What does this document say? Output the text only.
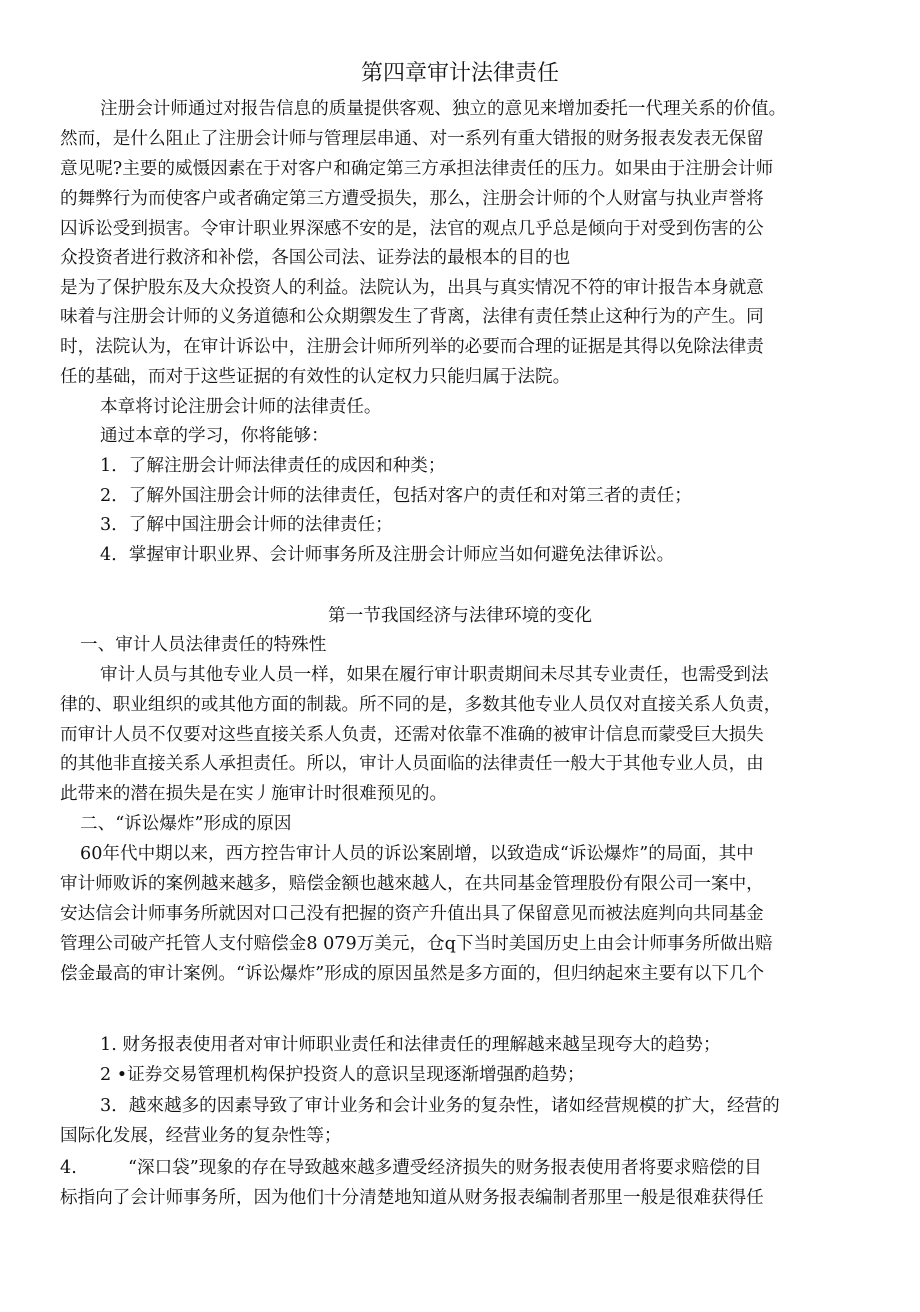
第四章审计法律责任
注册会计师通过对报告信息的质量提供客观、独立的意见来增加委托一代理关系的价值。
然而，是什么阻止了注册会计师与管理层串通、对一系列有重大错报的财务报表发表无保留
意见呢?主要的威慑因素在于对客户和确定第三方承担法律责任的压力。如果由于注册会计师
的舞弊行为而使客户或者确定第三方遭受损失，那么，注册会计师的个人财富与执业声誉将
囚诉讼受到损害。令审计职业界深感不安的是，法官的观点几乎总是倾向于对受到伤害的公
众投资者进行救济和补偿，各国公司法、证券法的最根本的目的也
是为了保护股东及大众投资人的利益。法院认为，出具与真实情况不符的审计报告本身就意
味着与注册会计师的义务道德和公众期禦发生了背离，法律有责任禁止这种行为的产生。同
时，法院认为，在审计诉讼中，注册会计师所列举的必要而合理的证据是其得以免除法律责
任的基础，而对于这些证据的有效性的认定权力只能归属于法院。
本章将讨论注册会计师的法律责任。
通过本章的学习，你将能够：
1．了解注册会计师法律责任的成因和种类；
2．了解外国注册会计师的法律责任，包括对客户的责任和对第三者的责任；
3．了解中国注册会计师的法律责任；
4．掌握审计职业界、会计师事务所及注册会计师应当如何避免法律诉讼。
第一节我国经济与法律环境的变化
一、审计人员法律责任的特殊性
审计人员与其他专业人员一样，如果在履行审计职责期间未尽其专业责任，也需受到法
律的、职业组织的或其他方面的制裁。所不同的是，多数其他专业人员仅对直接关系人负责，
而审计人员不仅要对这些直接关系人负责，还需对依靠不准确的被审计信息而蒙受巨大损失
的其他非直接关系人承担责任。所以，审计人员面临的法律责任一般大于其他专业人员，由
此带来的潜在损失是在实丿施审计时很难预见的。
二、“诉讼爆炸”形成的原因
60年代中期以来，西方控告审计人员的诉讼案剧增，以致造成“诉讼爆炸”的局面，其中
审计师败诉的案例越来越多，赔偿金额也越來越人，在共同基金管理股份有限公司一案中，
安达信会计师事务所就因对口己没有把握的资产升值出具了保留意见而被法庭判向共同基金
管理公司破产托管人支付赔偿金8 079万美元，仓q下当时美国历史上由会计师事务所做出赔
偿金最高的审计案例。“诉讼爆炸”形成的原因虽然是多方面的，但归纳起來主要有以下几个
1. 财务报表使用者对审计师职业责任和法律责任的理解越来越呈现夸大的趋势；
2 •证券交易管理机构保护投资人的意识呈现逐渐增强酌趋势；
3．越來越多的因素导致了审计业务和会计业务的复杂性，诸如经营规模的扩大，经营的
国际化发展，经营业务的复杂性等；
4.	“深口袋”现象的存在导致越來越多遭受经济损失的财务报表使用者将要求赔偿的目
标指向了会计师事务所，因为他们十分清楚地知道从财务报表编制者那里一般是很难获得任
